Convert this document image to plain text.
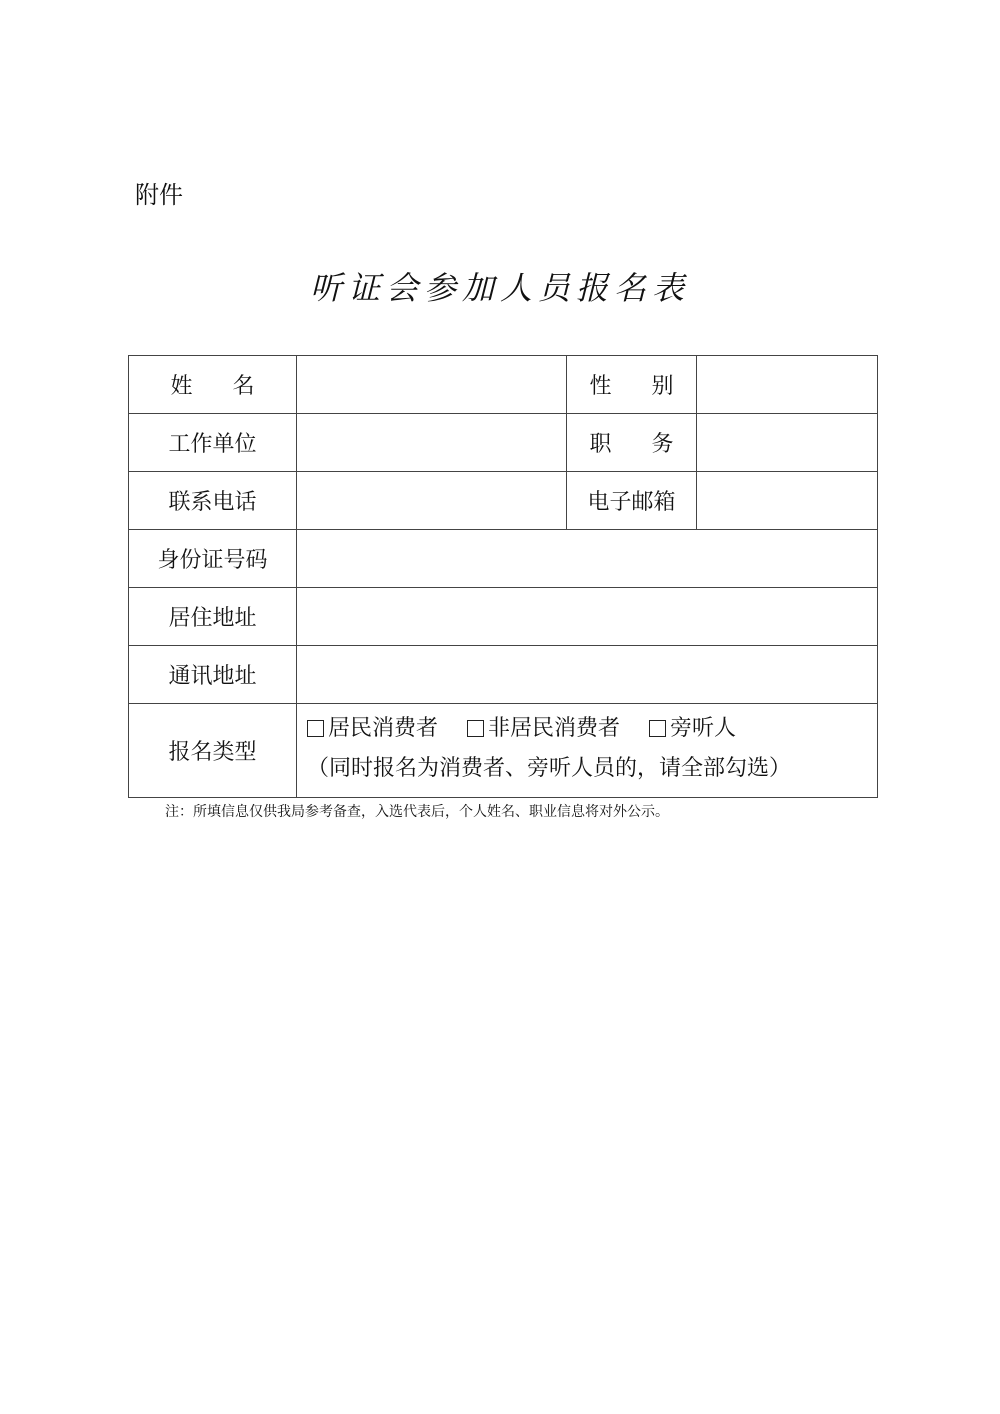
附件
听证会参加人员报名表
姓 名		性 别	
工作单位		职 务	
联系电话		电子邮箱	
身份证号码			
居住地址			
通讯地址			
报名类型	居民消费者 非居民消费者 旁听人
（同时报名为消费者、旁听人员的，请全部勾选）		
注：所填信息仅供我局参考备查，入选代表后，个人姓名、职业信息将对外公示。
